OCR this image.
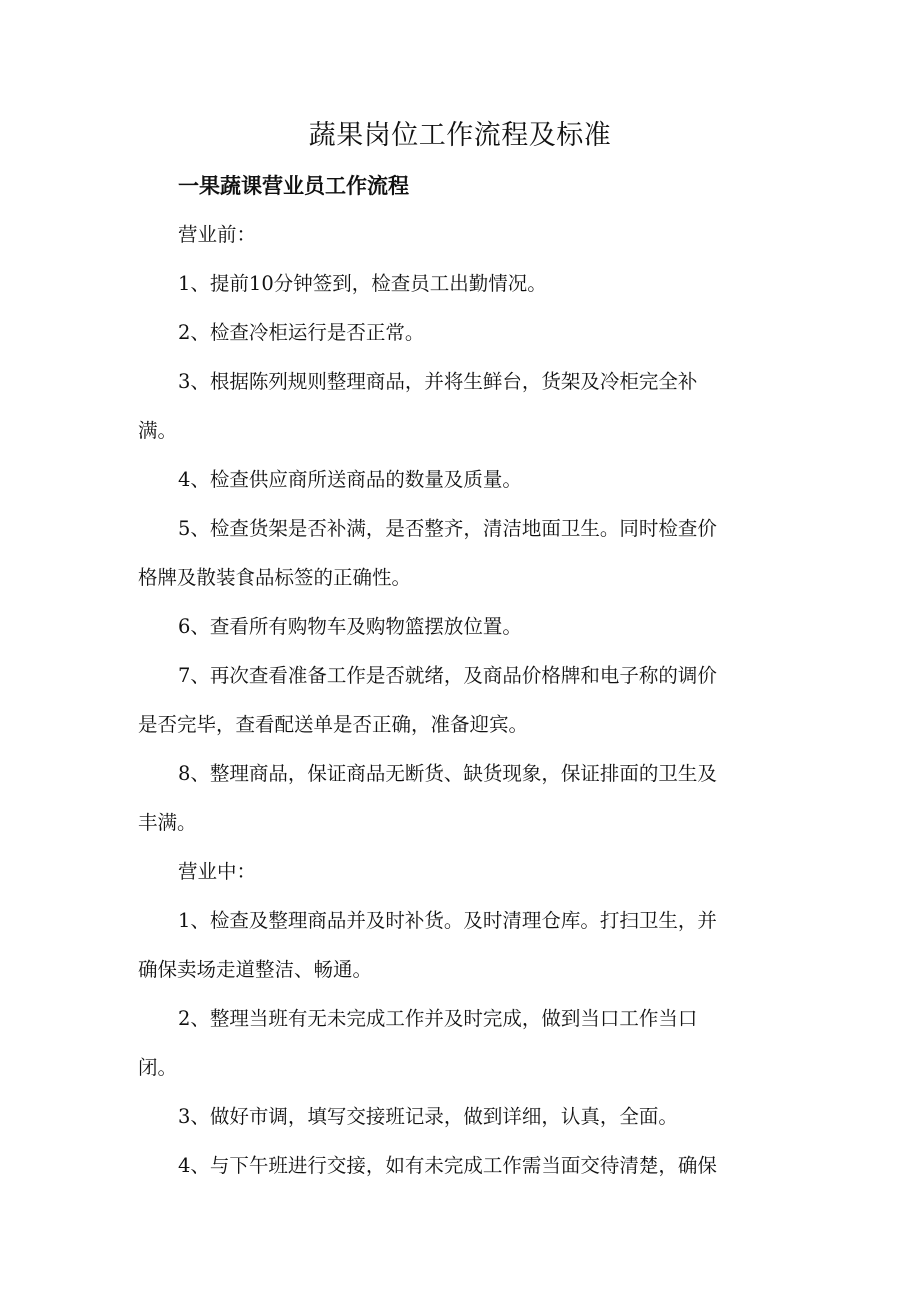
蔬果岗位工作流程及标准
一果蔬课营业员工作流程
营业前：
1、提前10分钟签到，检查员工出勤情况。
2、检查冷柜运行是否正常。
3、根据陈列规则整理商品，并将生鲜台，货架及冷柜完全补
满。
4、检查供应商所送商品的数量及质量。
5、检查货架是否补满，是否整齐，清洁地面卫生。同时检查价
格牌及散装食品标签的正确性。
6、查看所有购物车及购物篮摆放位置。
7、再次查看准备工作是否就绪，及商品价格牌和电子称的调价
是否完毕，查看配送单是否正确，准备迎宾。
8、整理商品，保证商品无断货、缺货现象，保证排面的卫生及
丰满。
营业中：
1、检查及整理商品并及时补货。及时清理仓库。打扫卫生，并
确保卖场走道整洁、畅通。
2、整理当班有无未完成工作并及时完成，做到当口工作当口
闭。
3、做好市调，填写交接班记录，做到详细，认真，全面。
4、与下午班进行交接，如有未完成工作需当面交待清楚，确保
